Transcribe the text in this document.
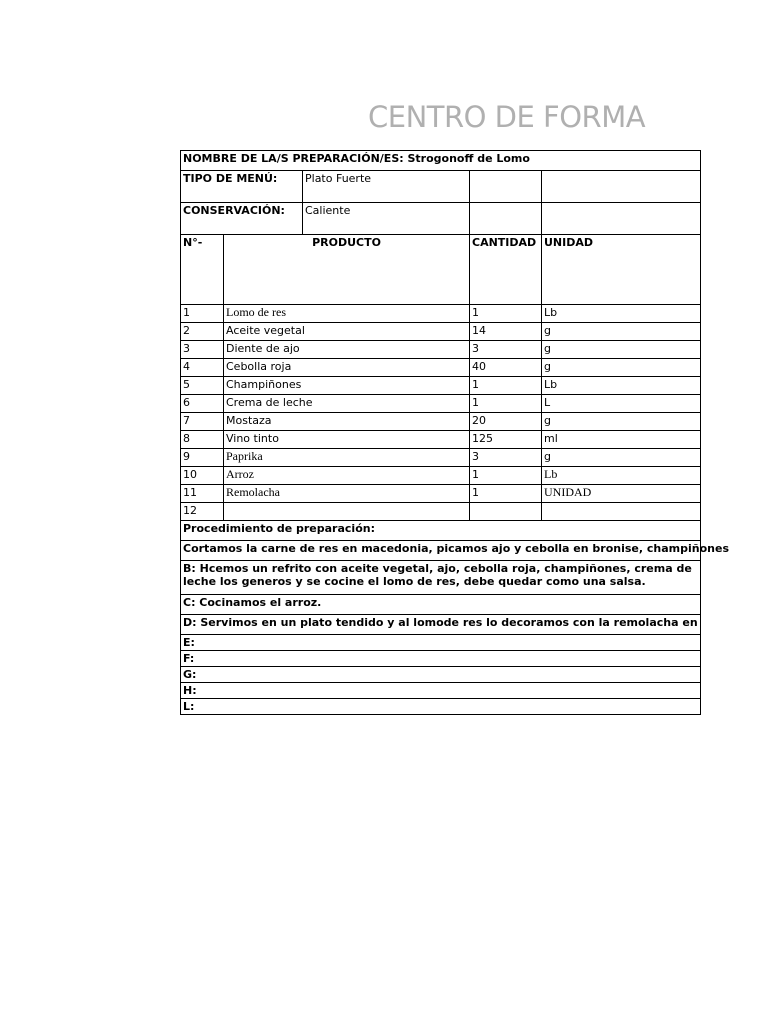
CENTRO DE FORMA
NOMBRE DE LA/S PREPARACIÓN/ES: Strogonoff de Lomo				
TIPO DE MENÚ:		Plato Fuerte		
CONSERVACIÓN:		Caliente		
N°-	PRODUCTO		CANTIDAD	UNIDAD
1	Lomo de res		1	Lb
2	Aceite vegetal		14	g
3	Diente de ajo		3	g
4	Cebolla roja		40	g
5	Champiñones		1	Lb
6	Crema de leche		1	L
7	Mostaza		20	g
8	Vino tinto		125	ml
9	Paprika		3	g
10	Arroz		1	Lb
11	Remolacha		1	UNIDAD
12				
Procedimiento de preparación:				
Cortamos la carne de res en macedonia, picamos ajo y cebolla en bronise, champiñones				
B: Hcemos un refrito con aceite vegetal, ajo, cebolla roja, champiñones, crema de leche los generos y se cocine el lomo de res, debe quedar como una salsa.				
C: Cocinamos el arroz.				
D: Servimos en un plato tendido y al lomode res lo decoramos con la remolacha en				
E:				
F:				
G:				
H:				
L:				
